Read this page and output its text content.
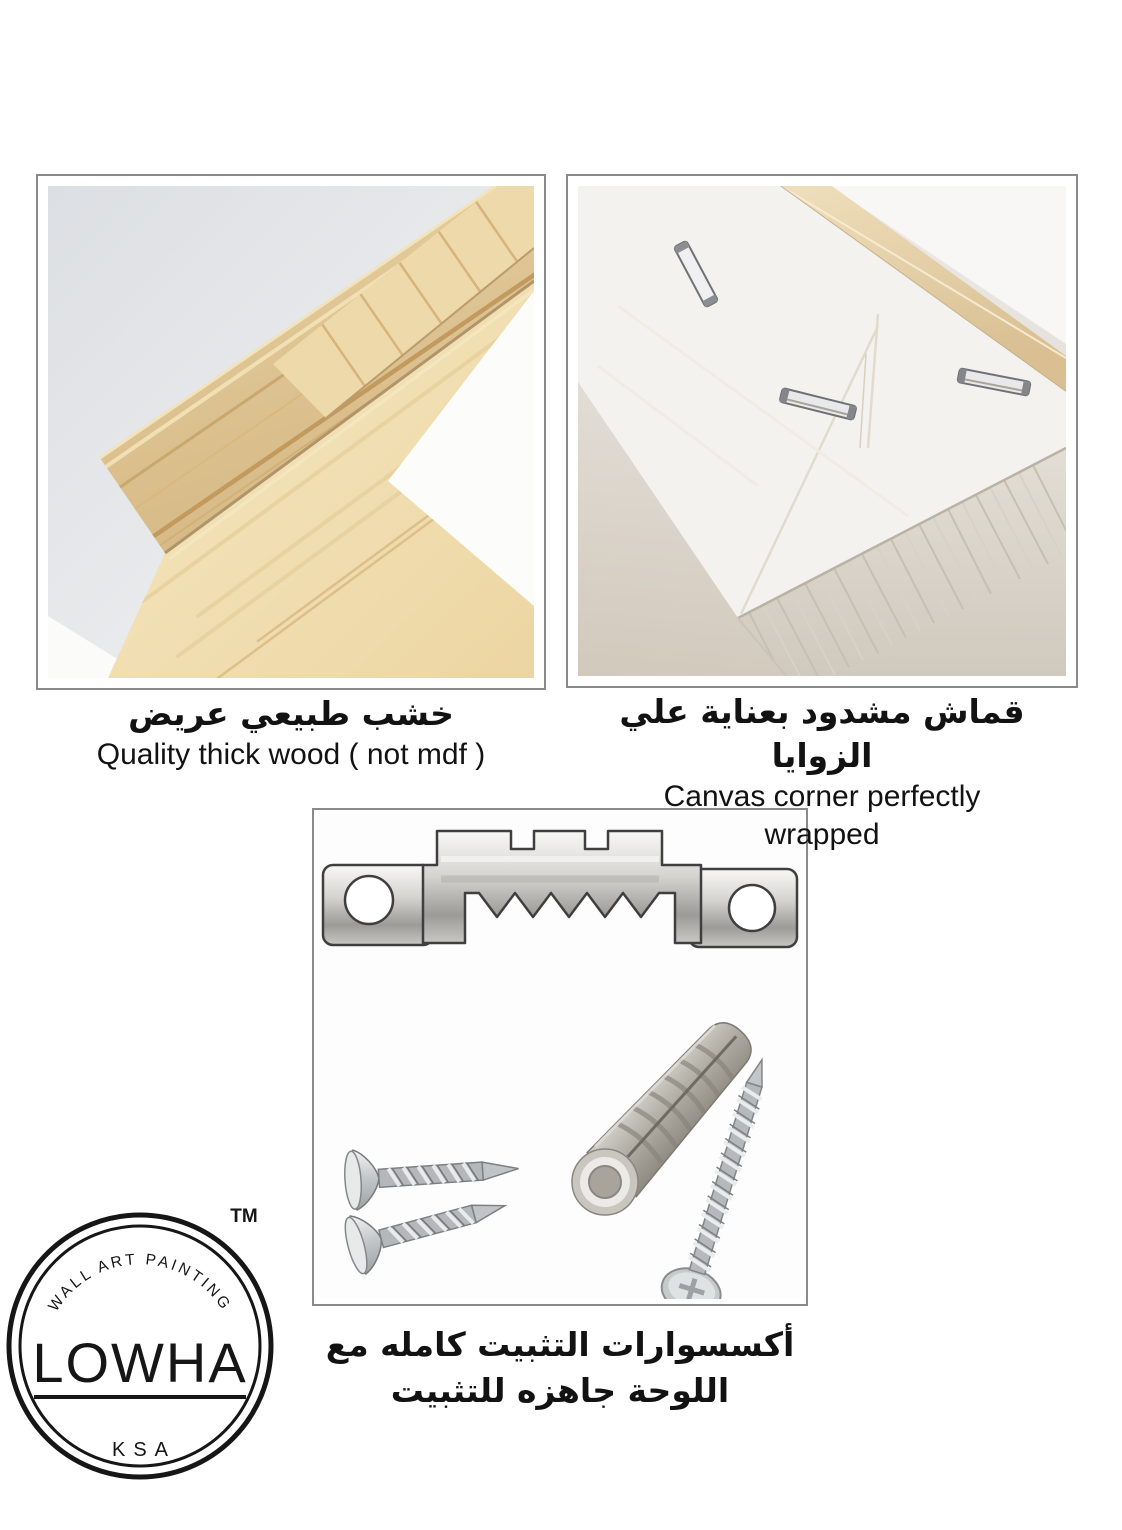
خشب طبيعي عريض
Quality thick wood ( not mdf )
قماش مشدود بعناية علي الزوايا
Canvas corner perfectly
wrapped
أكسسوارات التثبيت كامله مع
اللوحة جاهزه للتثبيت
WALL ART PAINTING
LOWHA
KSA
TM
